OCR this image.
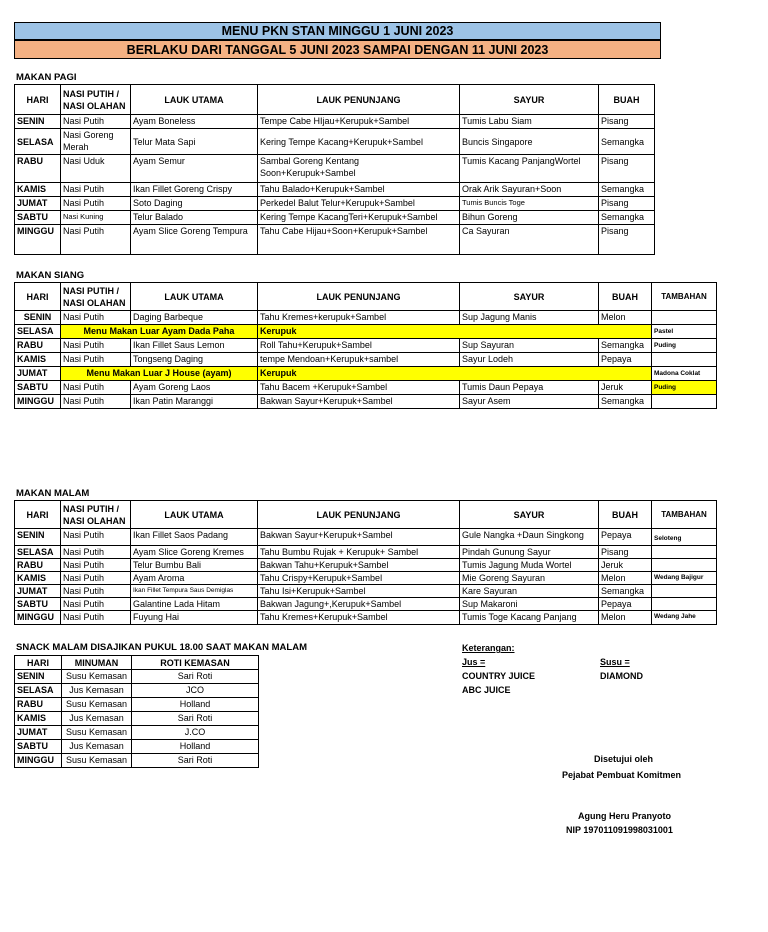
MENU PKN STAN MINGGU 1 JUNI 2023
BERLAKU DARI TANGGAL 5 JUNI 2023 SAMPAI DENGAN 11 JUNI 2023
MAKAN PAGI
HARI	NASI PUTIH / NASI OLAHAN	LAUK UTAMA	LAUK PENUNJANG	SAYUR	BUAH
SENIN	Nasi Putih	Ayam Boneless	Tempe Cabe HIjau+Kerupuk+Sambel	Tumis Labu Siam	Pisang
SELASA	Nasi Goreng Merah	Telur Mata Sapi	Kering Tempe Kacang+Kerupuk+Sambel	Buncis Singapore	Semangka
RABU	Nasi Uduk	Ayam Semur	Sambal Goreng Kentang Soon+Kerupuk+Sambel	Tumis Kacang PanjangWortel	Pisang
KAMIS	Nasi Putih	Ikan Fillet Goreng Crispy	Tahu Balado+Kerupuk+Sambel	Orak Arik Sayuran+Soon	Semangka
JUMAT	Nasi Putih	Soto Daging	Perkedel Balut Telur+Kerupuk+Sambel	Tumis Buncis Toge	Pisang
SABTU	Nasi Kuning	Telur Balado	Kering Tempe KacangTeri+Kerupuk+Sambel	Bihun Goreng	Semangka
MINGGU	Nasi Putih	Ayam Slice Goreng Tempura	Tahu Cabe Hijau+Soon+Kerupuk+Sambel	Ca Sayuran	Pisang
MAKAN SIANG
HARI	NASI PUTIH / NASI OLAHAN	LAUK UTAMA	LAUK PENUNJANG	SAYUR	BUAH	TAMBAHAN
SENIN	Nasi Putih	Daging Barbeque	Tahu Kremes+kerupuk+Sambel	Sup Jagung Manis	Melon	
SELASA	Menu Makan Luar Ayam Dada Paha		Kerupuk			Pastel
RABU	Nasi Putih	Ikan Fillet Saus Lemon	Roll Tahu+Kerupuk+Sambel	Sup Sayuran	Semangka	Puding
KAMIS	Nasi Putih	Tongseng Daging	tempe Mendoan+Kerupuk+sambel	Sayur Lodeh	Pepaya	
JUMAT	Menu Makan Luar J House (ayam)		Kerupuk			Madona Coklat
SABTU	Nasi Putih	Ayam Goreng Laos	Tahu Bacem +Kerupuk+Sambel	Tumis Daun Pepaya	Jeruk	Puding
MINGGU	Nasi Putih	Ikan Patin Maranggi	Bakwan Sayur+Kerupuk+Sambel	Sayur Asem	Semangka	
MAKAN MALAM
HARI	NASI PUTIH / NASI OLAHAN	LAUK UTAMA	LAUK PENUNJANG	SAYUR	BUAH	TAMBAHAN
SENIN	Nasi Putih	Ikan Fillet Saos Padang	Bakwan Sayur+Kerupuk+Sambel	Gule Nangka +Daun Singkong	Pepaya	Seloteng
SELASA	Nasi Putih	Ayam Slice Goreng Kremes	Tahu Bumbu Rujak + Kerupuk+ Sambel	Pindah Gunung Sayur	Pisang	
RABU	Nasi Putih	Telur Bumbu Bali	Bakwan Tahu+Kerupuk+Sambel	Tumis Jagung Muda Wortel	Jeruk	
KAMIS	Nasi Putih	Ayam Aroma	Tahu Crispy+Kerupuk+Sambel	Mie Goreng Sayuran	Melon	Wedang Bajigur
JUMAT	Nasi Putih	Ikan Fillet Tempura Saus Demiglas	Tahu Isi+Kerupuk+Sambel	Kare Sayuran	Semangka	
SABTU	Nasi Putih	Galantine Lada Hitam	Bakwan Jagung+,Kerupuk+Sambel	Sup Makaroni	Pepaya	
MINGGU	Nasi Putih	Fuyung Hai	Tahu Kremes+Kerupuk+Sambel	Tumis Toge Kacang Panjang	Melon	Wedang Jahe
SNACK MALAM DISAJIKAN PUKUL 18.00 SAAT MAKAN MALAM
HARI	MINUMAN	ROTI KEMASAN
SENIN	Susu Kemasan	Sari Roti
SELASA	Jus Kemasan	JCO
RABU	Susu Kemasan	Holland
KAMIS	Jus Kemasan	Sari Roti
JUMAT	Susu Kemasan	J.CO
SABTU	Jus Kemasan	Holland
MINGGU	Susu Kemasan	Sari Roti
Keterangan:
Jus =	Susu =
COUNTRY JUICE	DIAMOND
ABC JUICE
Disetujui oleh
Pejabat Pembuat Komitmen
Agung Heru Pranyoto
NIP 197011091998031001
